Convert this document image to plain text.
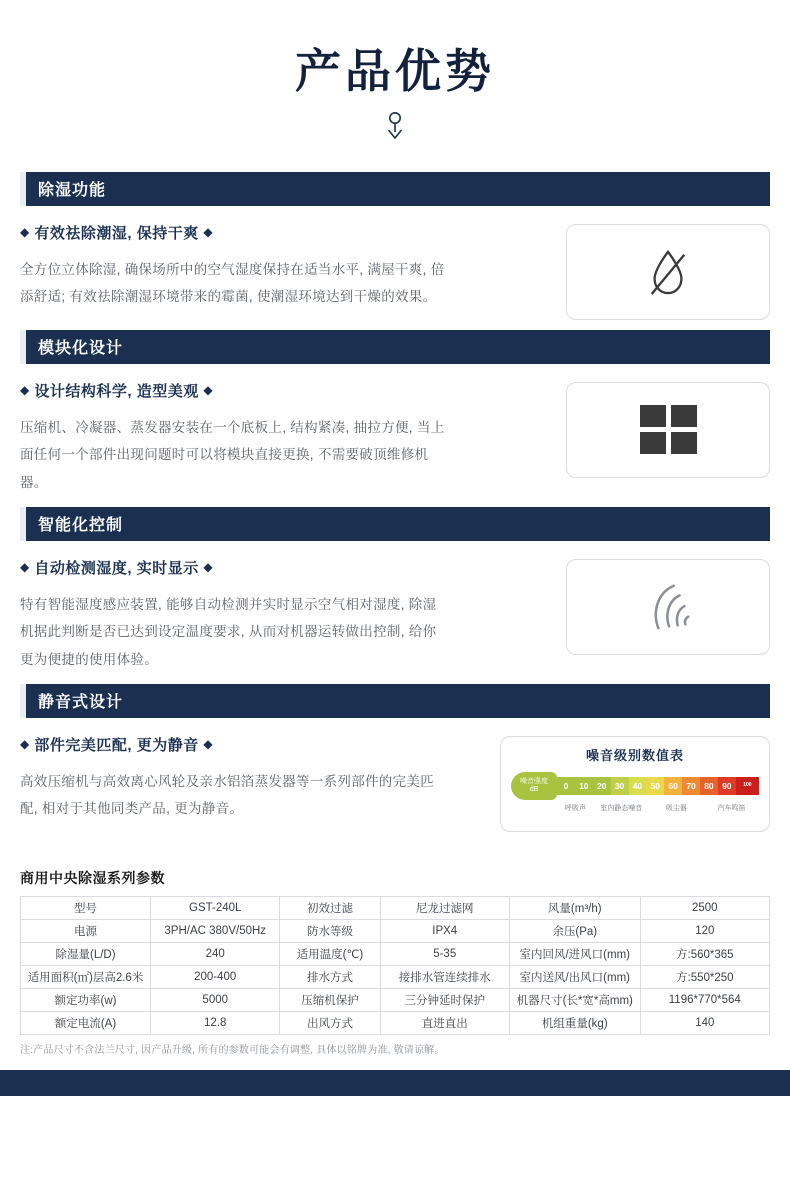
产品优势
除湿功能
◆ 有效祛除潮湿, 保持干爽 ◆
全方位立体除湿, 确保场所中的空气湿度保持在适当水平, 满屋干爽, 倍添舒适; 有效祛除潮湿环境带来的霉菌, 使潮湿环境达到干燥的效果。
模块化设计
◆ 设计结构科学, 造型美观 ◆
压缩机、冷凝器、蒸发器安装在一个底板上, 结构紧凑, 抽拉方便, 当上面任何一个部件出现问题时可以将模块直接更换, 不需要破顶维修机器。
智能化控制
◆ 自动检测湿度, 实时显示 ◆
特有智能湿度感应装置, 能够自动检测并实时显示空气相对湿度, 除湿机据此判断是否已达到设定温度要求, 从而对机器运转做出控制, 给你更为便捷的使用体验。
静音式设计
◆ 部件完美匹配, 更为静音 ◆
高效压缩机与高效离心风轮及亲水铝箔蒸发器等一系列部件的完美匹配, 相对于其他同类产品, 更为静音。
噪音级别数值表
噪音强度
dB	0	10 20 30 40 50 60 70 80 90	100
呼吸声	室内静态噪音	吸尘器	汽车鸣笛
商用中央除湿系列参数
型号	GST-240L	初效过滤	尼龙过滤网	风量(m³/h)	2500
电源	3PH/AC 380V/50Hz	防水等级	IPX4	余压(Pa)	120
除湿量(L/D)	240	适用温度(℃)	5-35	室内回风/进风口(mm)	方:560*365
适用面积(㎡)层高2.6米	200-400	排水方式	接排水管连续排水	室内送风/出风口(mm)	方:550*250
额定功率(w)	5000	压缩机保护	三分钟延时保护	机器尺寸(长*宽*高mm)	1196*770*564
额定电流(A)	12.8	出风方式	直进直出	机组重量(kg)	140
注:产品尺寸不含法兰尺寸, 因产品升级, 所有的参数可能会有调整, 具体以铭牌为准, 敬请谅解。
